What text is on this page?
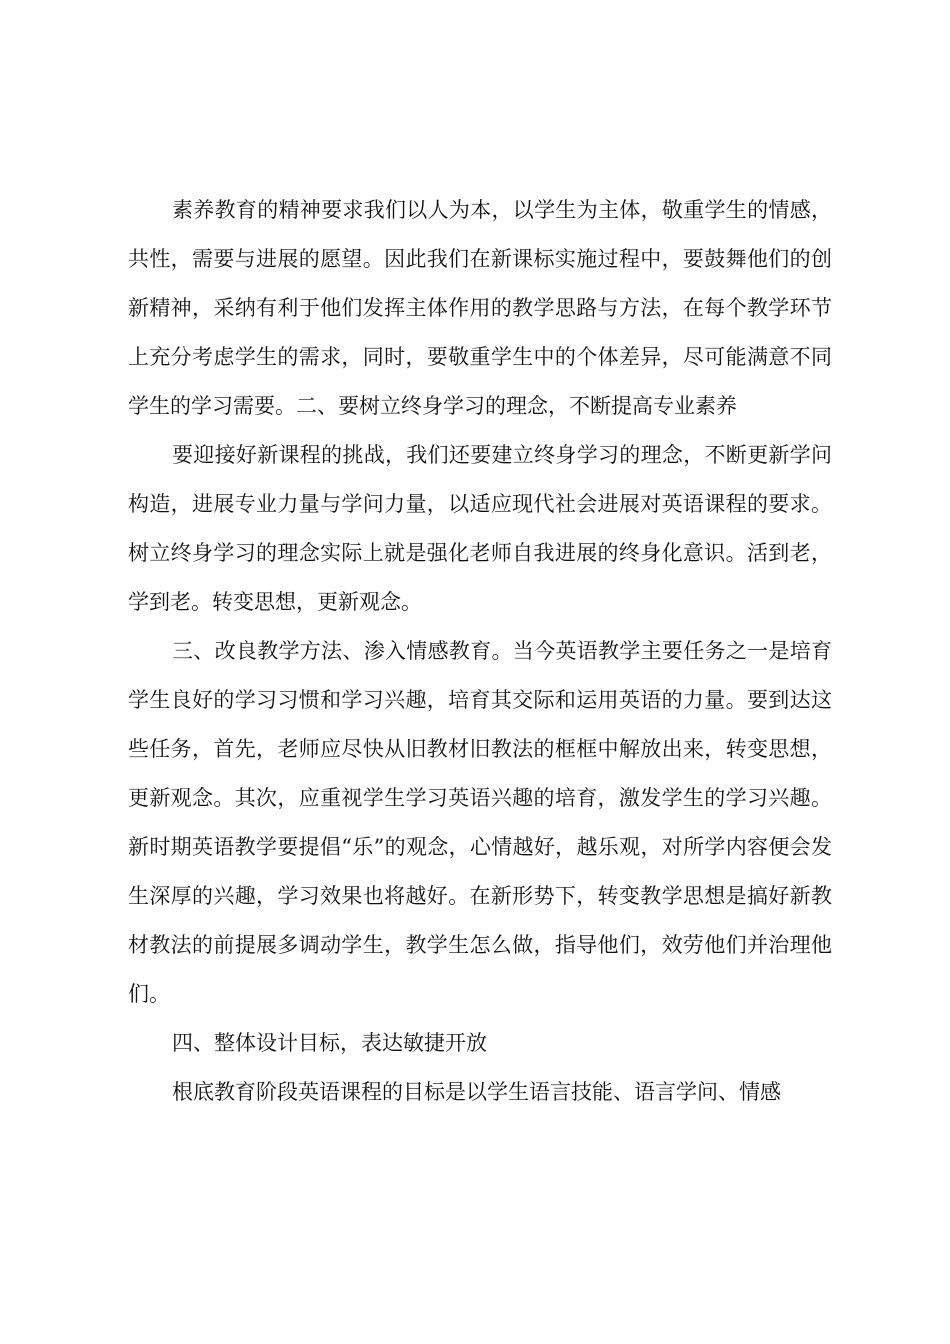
素养教育的精神要求我们以人为本，以学生为主体，敬重学生的情感，共性，需要与进展的愿望。因此我们在新课标实施过程中，要鼓舞他们的创新精神，采纳有利于他们发挥主体作用的教学思路与方法，在每个教学环节上充分考虑学生的需求，同时，要敬重学生中的个体差异，尽可能满意不同学生的学习需要。二、要树立终身学习的理念，不断提高专业素养

要迎接好新课程的挑战，我们还要建立终身学习的理念，不断更新学问构造，进展专业力量与学问力量，以适应现代社会进展对英语课程的要求。树立终身学习的理念实际上就是强化老师自我进展的终身化意识。活到老，学到老。转变思想，更新观念。

三、改良教学方法、渗入情感教育。当今英语教学主要任务之一是培育学生良好的学习习惯和学习兴趣，培育其交际和运用英语的力量。要到达这些任务，首先，老师应尽快从旧教材旧教法的框框中解放出来，转变思想，更新观念。其次，应重视学生学习英语兴趣的培育，激发学生的学习兴趣。新时期英语教学要提倡“乐”的观念，心情越好，越乐观，对所学内容便会发生深厚的兴趣，学习效果也将越好。在新形势下，转变教学思想是搞好新教材教法的前提展多调动学生，教学生怎么做，指导他们，效劳他们并治理他们。

四、整体设计目标，表达敏捷开放

根底教育阶段英语课程的目标是以学生语言技能、语言学问、情感
